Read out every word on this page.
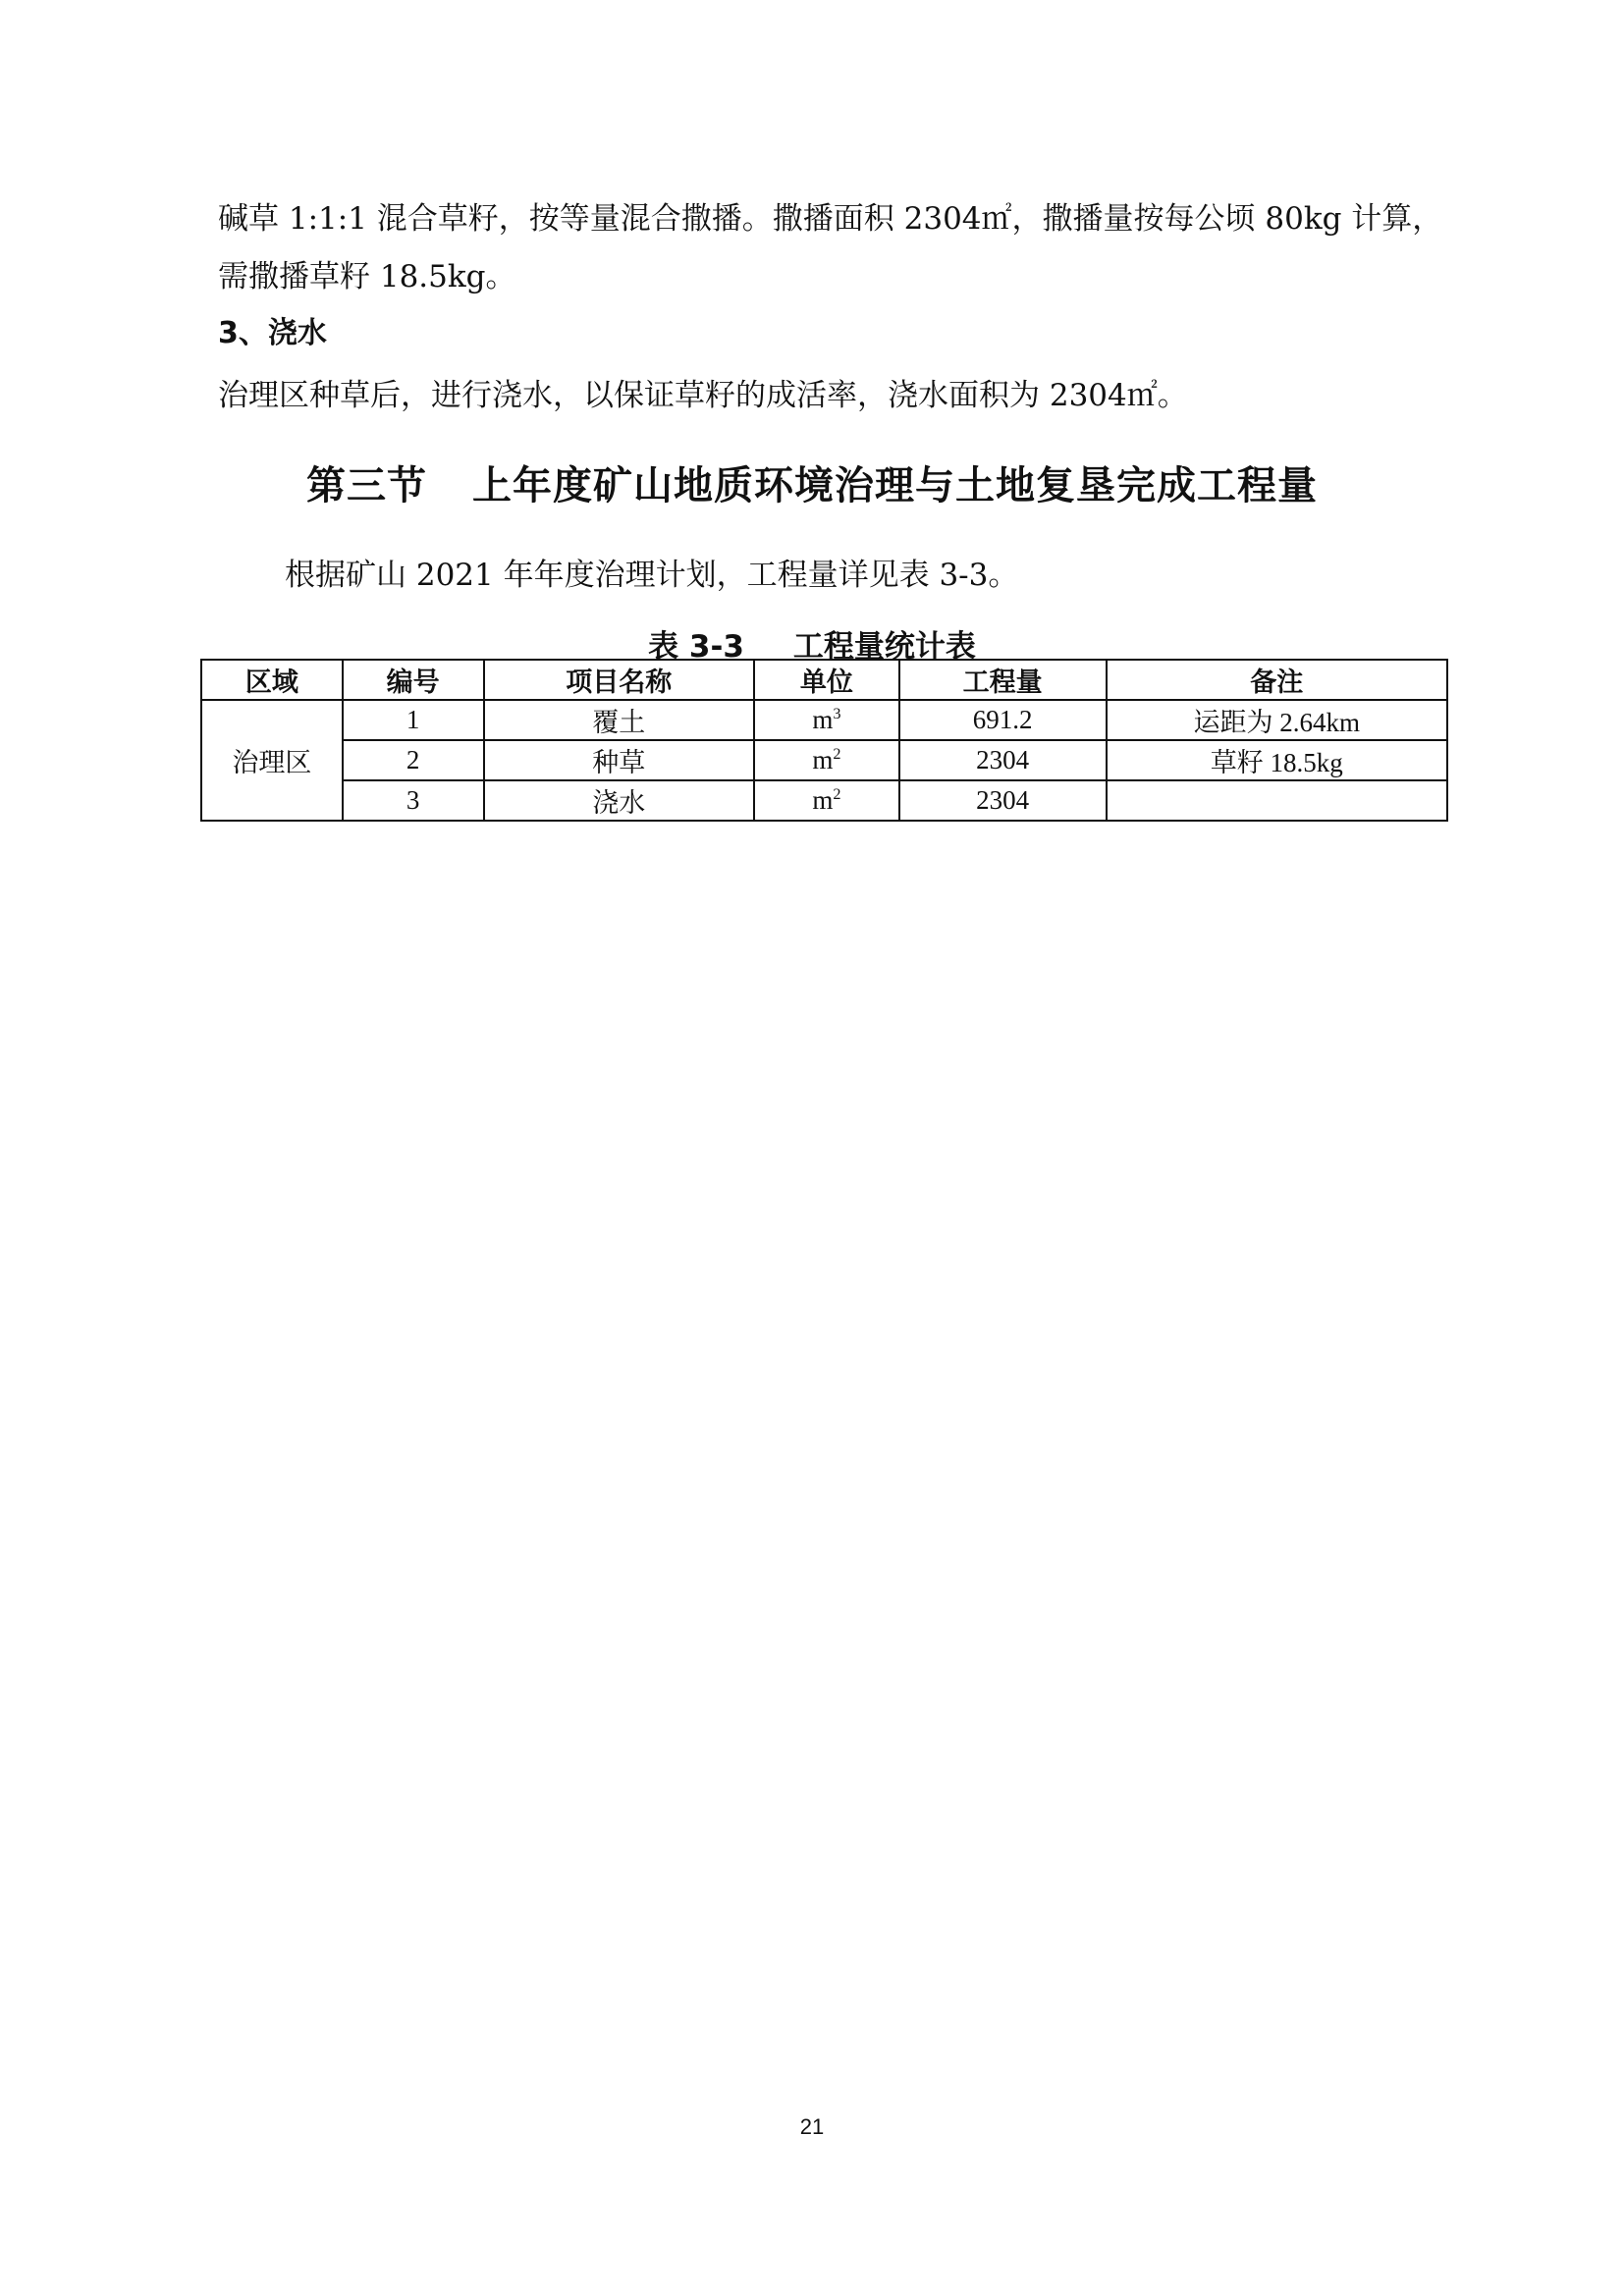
碱草 1:1:1 混合草籽，按等量混合撒播。撒播面积 2304㎡，撒播量按每公顷 80kg 计算，
需撒播草籽 18.5kg。
3、浇水
治理区种草后，进行浇水，以保证草籽的成活率，浇水面积为 2304㎡。
第三节 上年度矿山地质环境治理与土地复垦完成工程量
根据矿山 2021 年年度治理计划，工程量详见表 3-3。
表 3-3 工程量统计表
区域	编号	项目名称	单位	工程量	备注
治理区	1	覆土	$m^3$	691.2	运距为 2.64km
	2	种草	$m^2$	2304	草籽 18.5kg
	3	浇水	$m^2$	2304	
21
